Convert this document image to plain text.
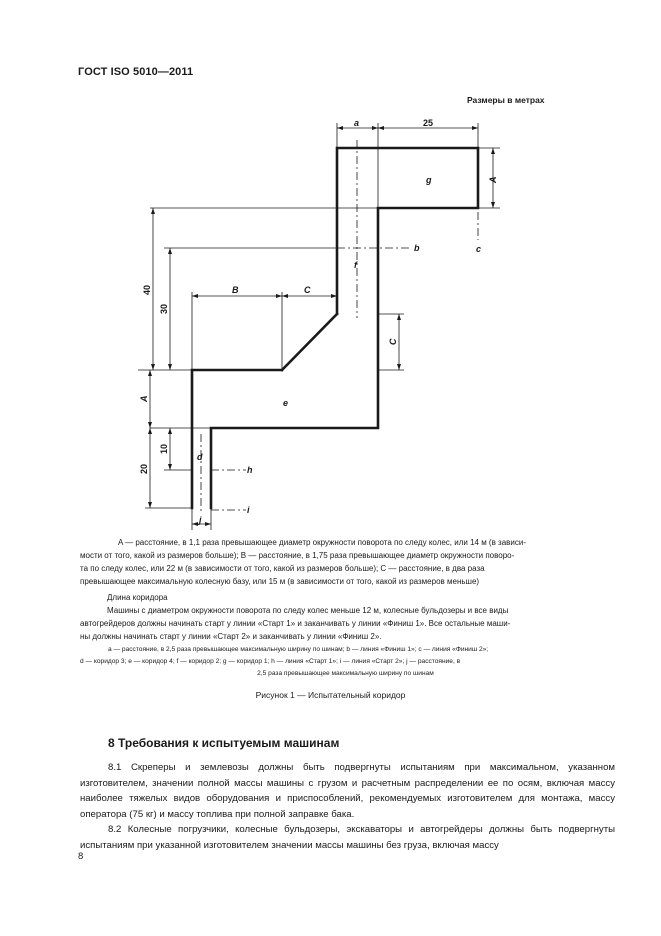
ГОСТ ISO 5010—2011
Размеры в метрах
a	25
A
c
g
b
f
40
30
B	C
C
A	e
10
d
20	h
j
i
A — расстояние, в 1,1 раза превышающее диаметр окружности поворота по следу колес, или 14 м (в зависи-
мости от того, какой из размеров больше); B — расстояние, в 1,75 раза превышающее диаметр окружности поворо-
та по следу колес, или 22 м (в зависимости от того, какой из размеров больше); C — расстояние, в два раза
превышающее максимальную колесную базу, или 15 м (в зависимости от того, какой из размеров меньше)
Длина коридора
Машины с диаметром окружности поворота по следу колес меньше 12 м, колесные бульдозеры и все виды
автогрейдеров должны начинать старт у линии «Старт 1» и заканчивать у линии «Финиш 1». Все остальные маши-
ны должны начинать старт у линии «Старт 2» и заканчивать у линии «Финиш 2».
a — расстояние, в 2,5 раза превышающее максимальную ширину по шинам; b — линия «Финиш 1»; c — линия «Финиш 2»;
d — коридор 3; e — коридор 4; f — коридор 2; g — коридор 1; h — линия «Старт 1»; i — линия «Старт 2»; j — расстояние, в
2,5 раза превышающее максимальную ширину по шинам
Рисунок 1 — Испытательный коридор
8 Требования к испытуемым машинам

8.1 Скреперы и землевозы должны быть подвергнуты испытаниям при максимальном, указанном изготовителем, значении полной массы машины с грузом и расчетным распределении ее по осям, включая массу наиболее тяжелых видов оборудования и приспособлений, рекомендуемых изготовителем для монтажа, массу оператора (75 кг) и массу топлива при полной заправке бака.

8.2 Колесные погрузчики, колесные бульдозеры, экскаваторы и автогрейдеры должны быть подвергнуты испытаниям при указанной изготовителем значении массы машины без груза, включая массу

8
